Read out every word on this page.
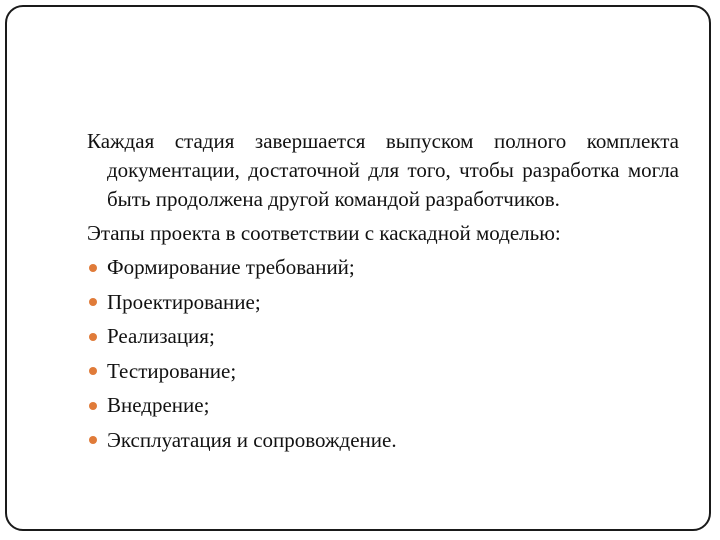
Каждая стадия завершается выпуском полного комплекта документации, достаточной для того, чтобы разработка могла быть продолжена другой командой разработчиков.

Этапы проекта в соответствии с каскадной моделью:
Формирование требований;
Проектирование;
Реализация;
Тестирование;
Внедрение;
Эксплуатация и сопровождение.
